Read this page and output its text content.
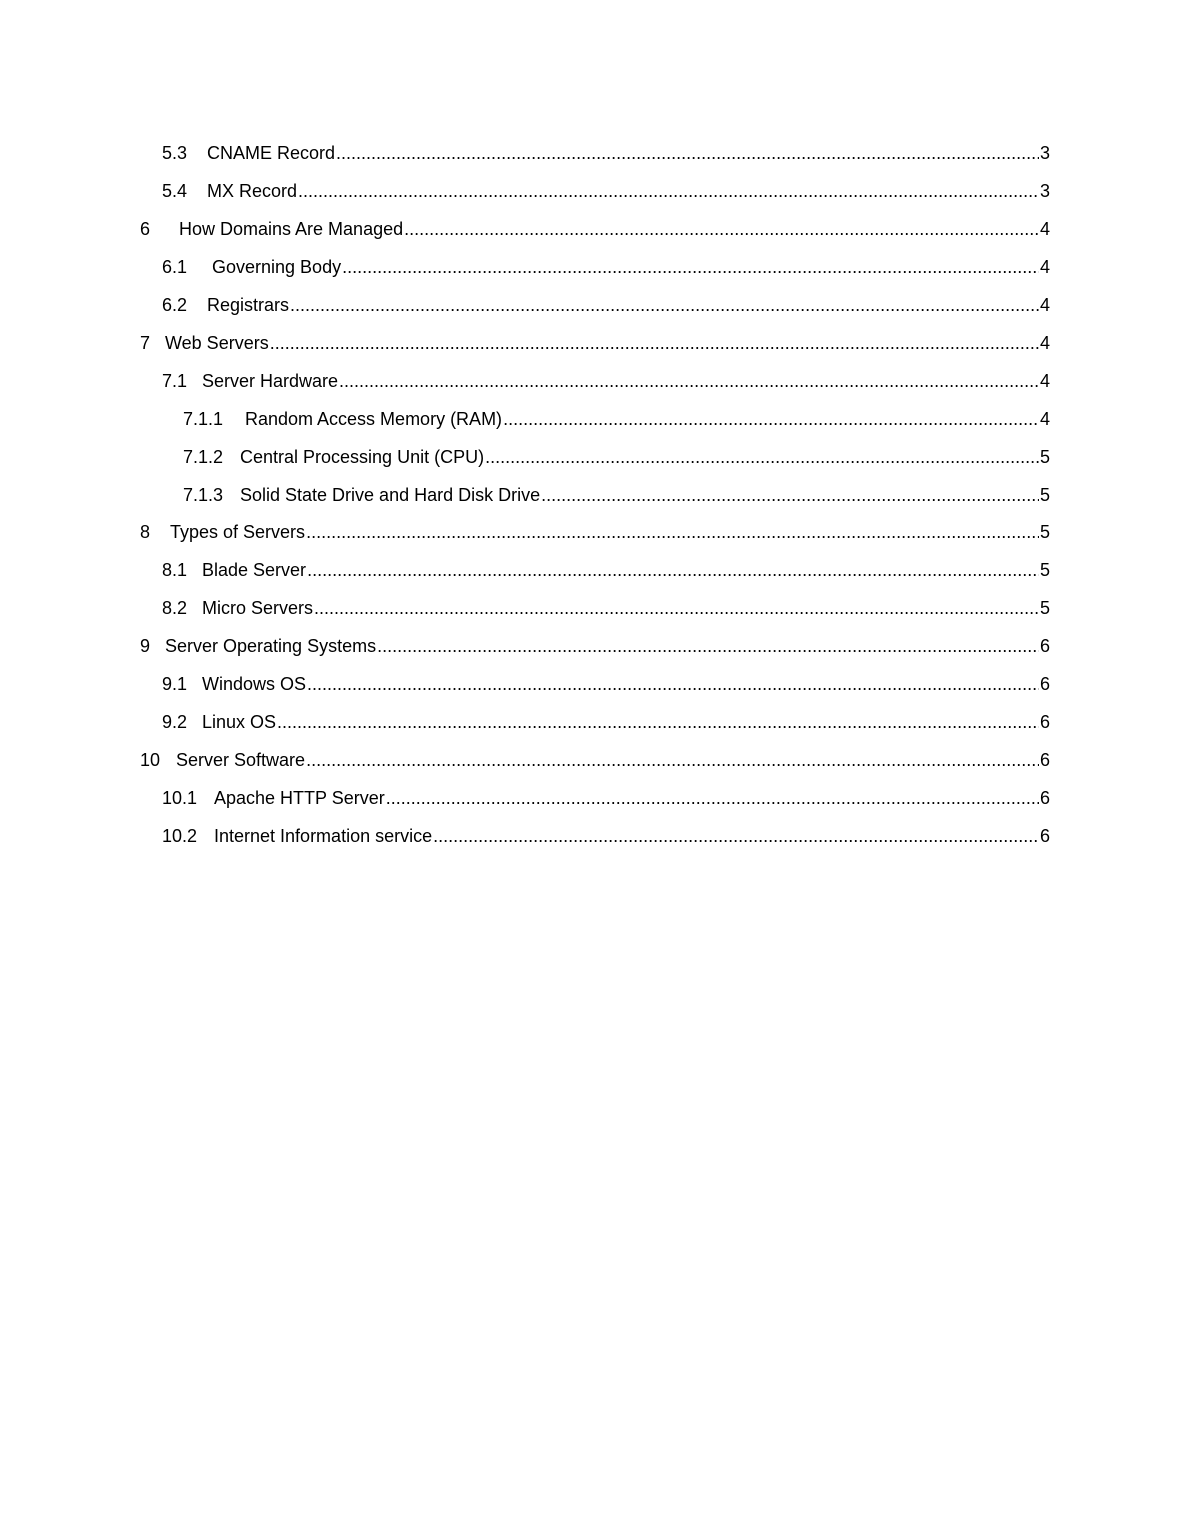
5.3	CNAME Record .....	3
5.4	MX Record .....	3
6	How Domains Are Managed .....	4
6.1	Governing Body .....	4
6.2	Registrars .....	4
7 Web Servers .....	4
7.1 Server Hardware .....	4
7.1.1	Random Access Memory (RAM) .....	4
7.1.2 Central Processing Unit (CPU) .....	5
7.1.3 Solid State Drive and Hard Disk Drive .....	5
8	Types of Servers .....	5
8.1 Blade Server .....	5
8.2 Micro Servers .....	5
9 Server Operating Systems .....	6
9.1 Windows OS .....	6
9.2 Linux OS .....	6
10 Server Software .....	6
10.1 Apache HTTP Server .....	6
10.2 Internet Information service .....	6
